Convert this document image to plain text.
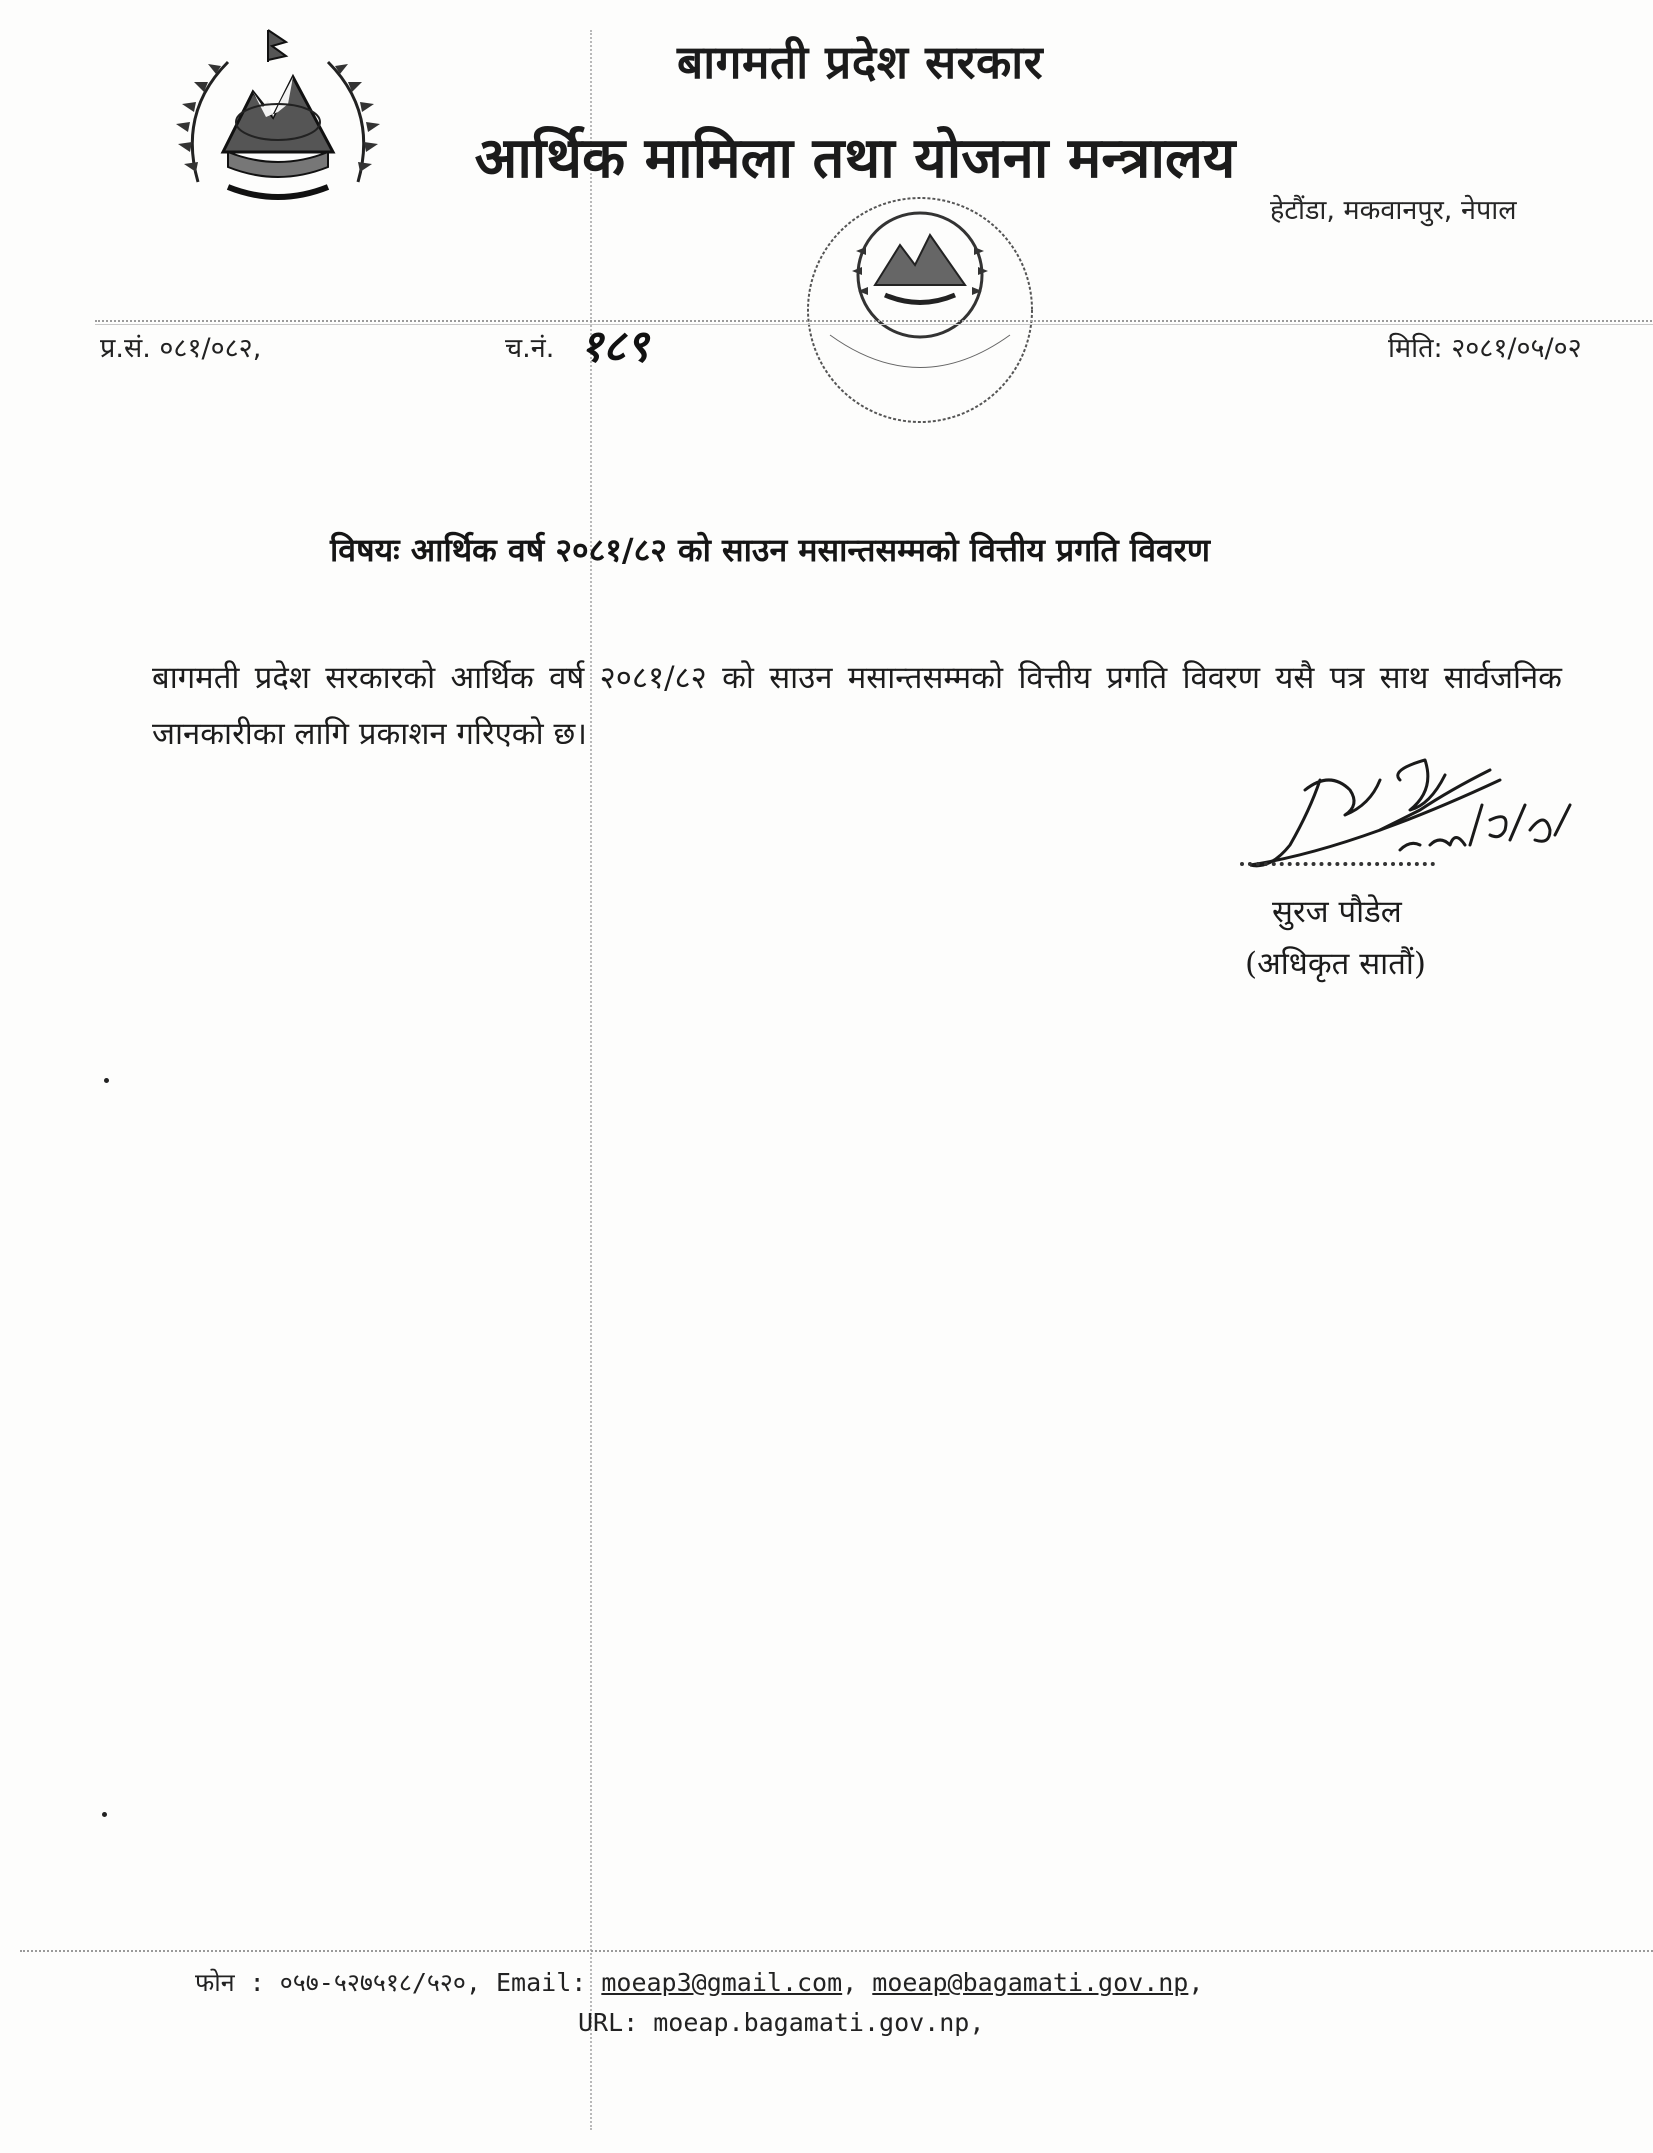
बागमती प्रदेश सरकार
आर्थिक मामिला तथा योजना मन्त्रालय
हेटौंडा, मकवानपुर, नेपाल
प्र.सं. ०८१/०८२,	च.नं. १८९	मिति: २०८१/०५/०२
विषयः आर्थिक वर्ष २०८१/८२ को साउन मसान्तसम्मको वित्तीय प्रगति विवरण
बागमती प्रदेश सरकारको आर्थिक वर्ष २०८१/८२ को साउन मसान्तसम्मको वित्तीय प्रगति विवरण यसै पत्र साथ सार्वजनिक जानकारीका लागि प्रकाशन गरिएको छ।
सुरज पौडेल
(अधिकृत सातौं)
फोन : ०५७-५२७५१८/५२०, Email: moeap3@gmail.com, moeap@bagamati.gov.np,
URL: moeap.bagamati.gov.np,
